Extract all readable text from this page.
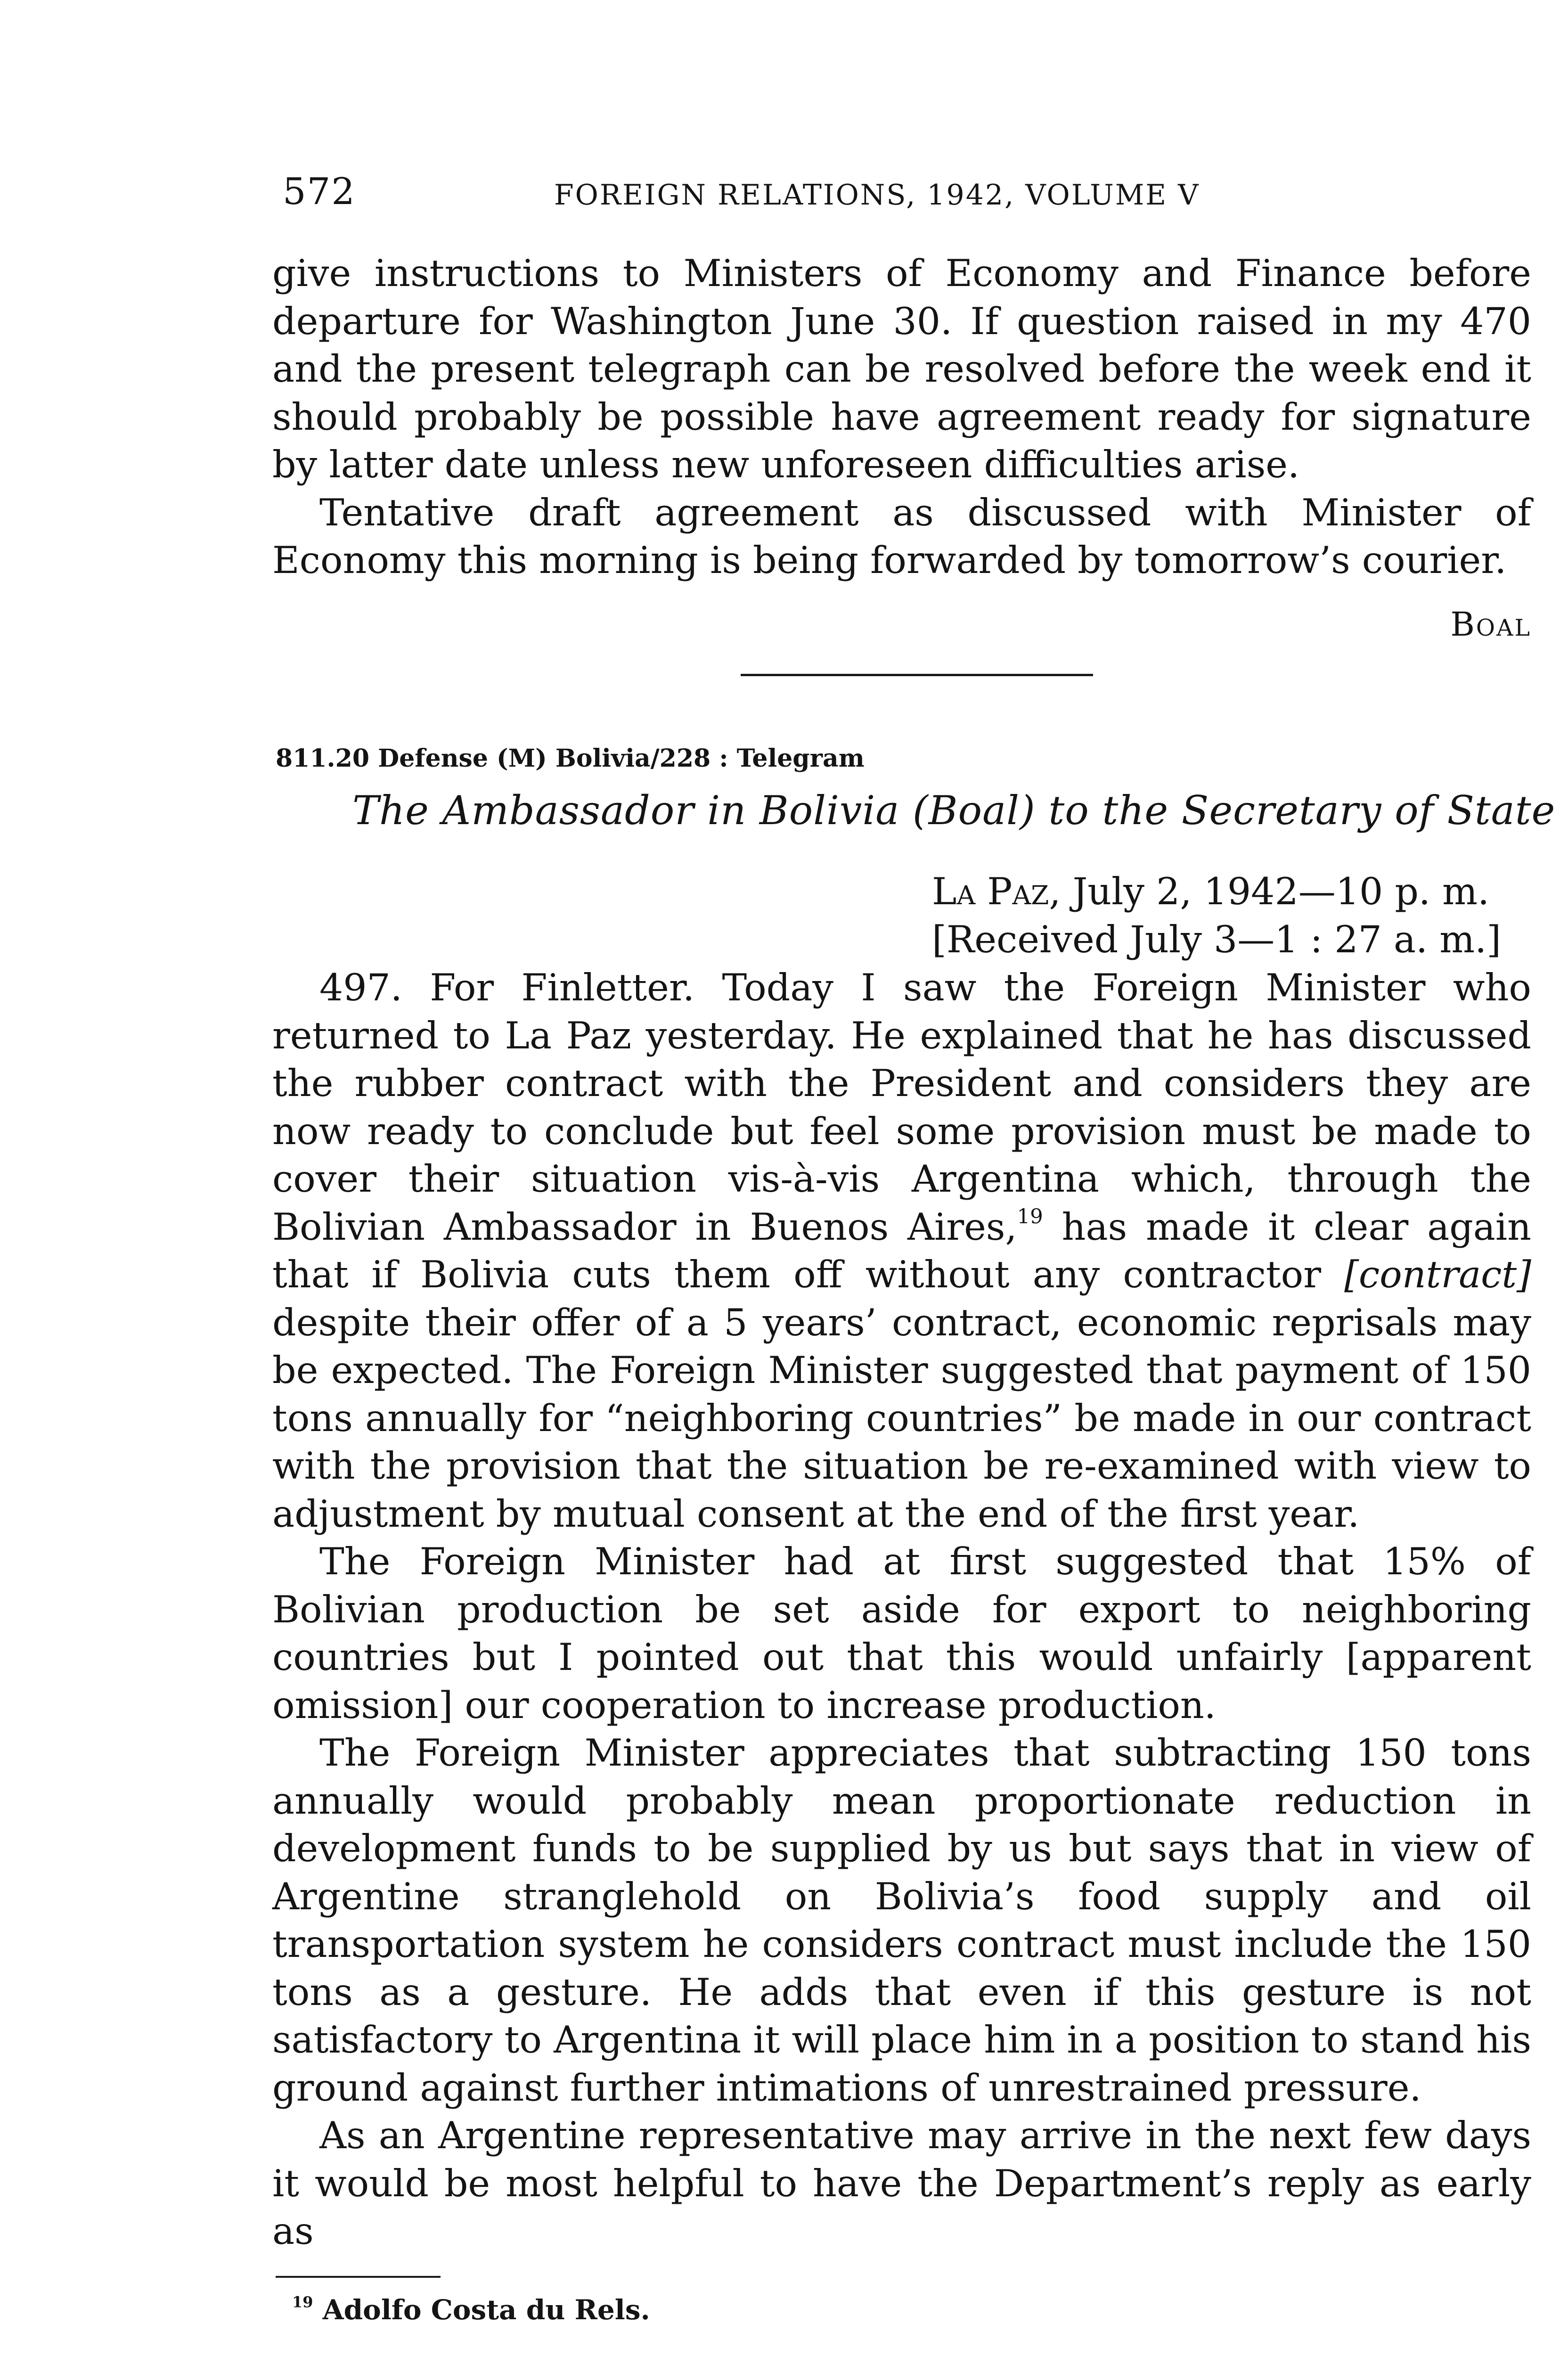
572	FOREIGN RELATIONS, 1942, VOLUME V

give instructions to Ministers of Economy and Finance before departure for Washington June 30. If question raised in my 470 and the present telegraph can be resolved before the week end it should probably be possible have agreement ready for signature by latter date unless new unforeseen difficulties arise.

Tentative draft agreement as discussed with Minister of Economy this morning is being forwarded by tomorrow’s courier.

Boal
811.20 Defense (M) Bolivia/228 : Telegram
The Ambassador in Bolivia (Boal) to the Secretary of State
La Paz, July 2, 1942—10 p. m.
[Received July 3—1 : 27 a. m.]

497. For Finletter. Today I saw the Foreign Minister who returned to La Paz yesterday. He explained that he has discussed the rubber contract with the President and considers they are now ready to conclude but feel some provision must be made to cover their situation vis-à-vis Argentina which, through the Bolivian Ambassador in Buenos Aires,$^{19}$ has made it clear again that if Bolivia cuts them off without any contractor [contract] despite their offer of a 5 years’ contract, economic reprisals may be expected. The Foreign Minister suggested that payment of 150 tons annually for “neighboring countries” be made in our contract with the provision that the situation be re-examined with view to adjustment by mutual consent at the end of the first year.

The Foreign Minister had at first suggested that 15% of Bolivian production be set aside for export to neighboring countries but I pointed out that this would unfairly [apparent omission] our cooperation to increase production.

The Foreign Minister appreciates that subtracting 150 tons annually would probably mean proportionate reduction in development funds to be supplied by us but says that in view of Argentine stranglehold on Bolivia’s food supply and oil transportation system he considers contract must include the 150 tons as a gesture. He adds that even if this gesture is not satisfactory to Argentina it will place him in a position to stand his ground against further intimations of unrestrained pressure.

As an Argentine representative may arrive in the next few days it would be most helpful to have the Department’s reply as early as

$^{19}$ Adolfo Costa du Rels.
